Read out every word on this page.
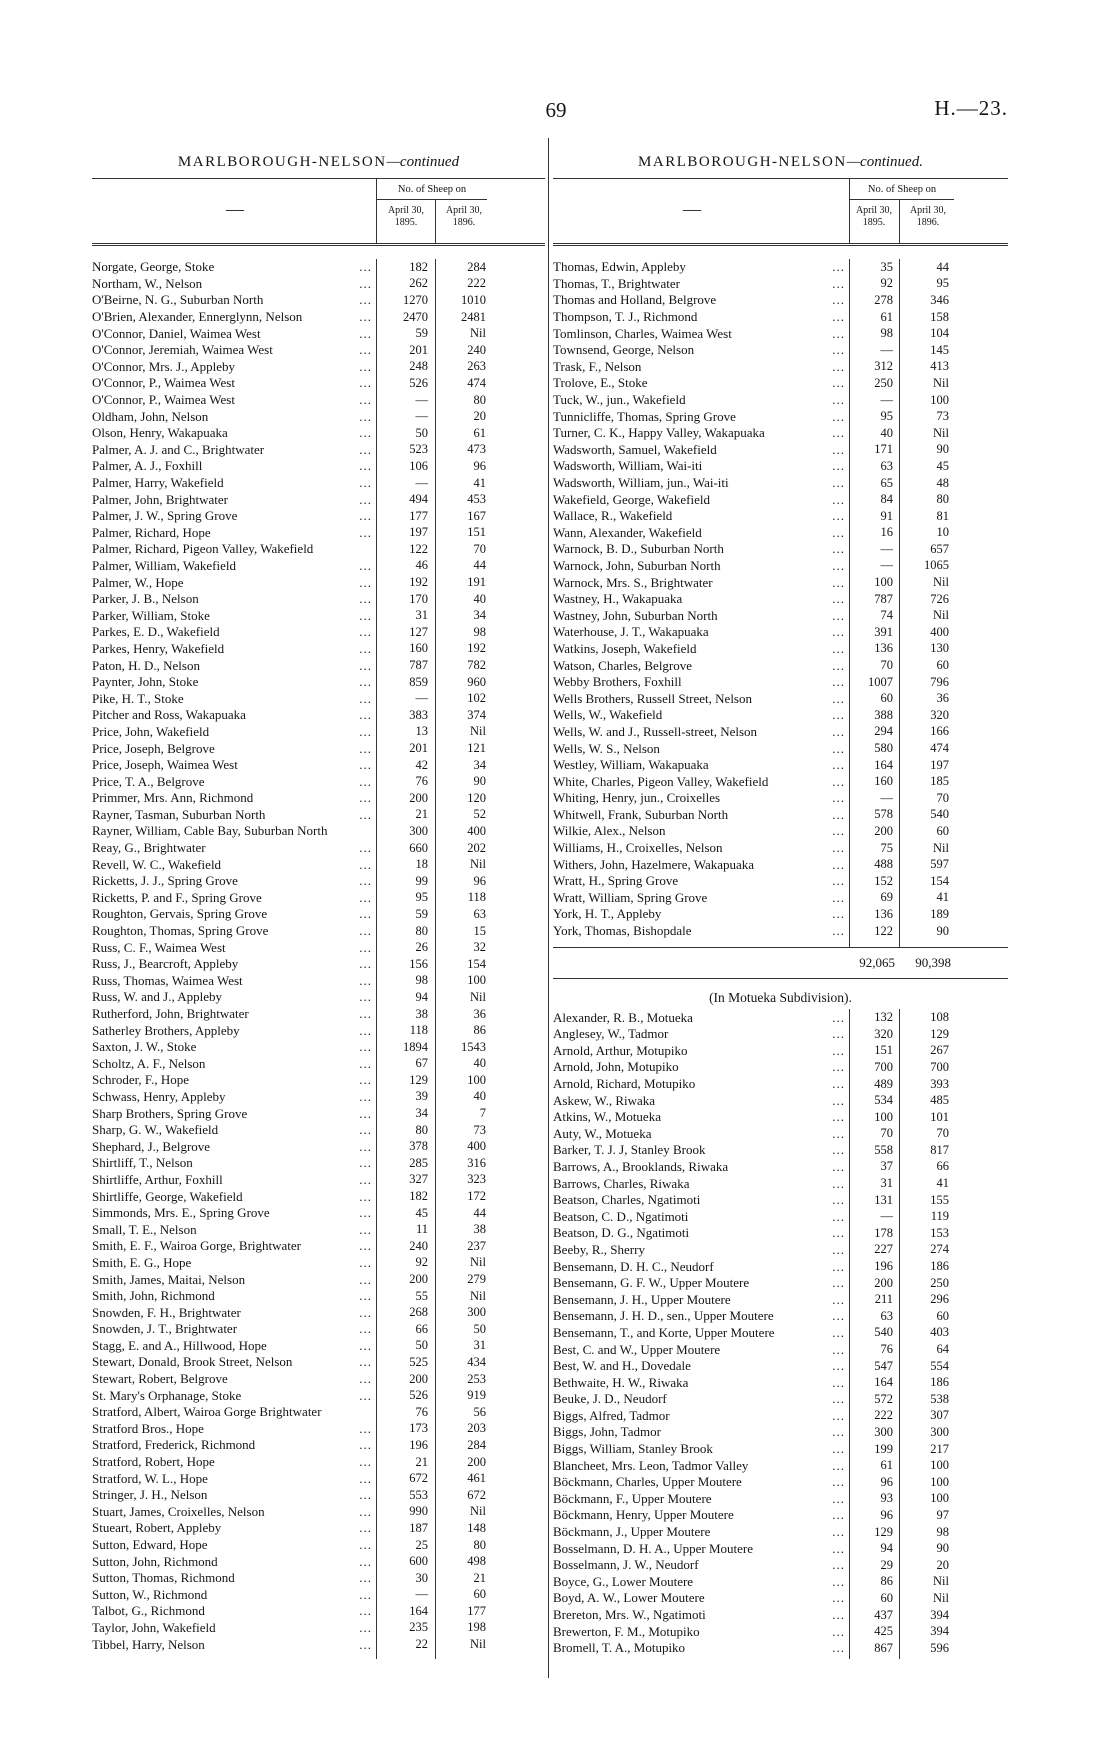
69	H.—23.
MARLBOROUGH-NELSON—continued
—
No. of Sheep on
April 30, 1895.
April 30, 1896.
Norgate, George, Stoke	...	182	284
Northam, W., Nelson	...	262	222
O'Beirne, N. G., Suburban North	...	1270	1010
O'Brien, Alexander, Ennerglynn, Nelson	...	2470	2481
O'Connor, Daniel, Waimea West	...	59	Nil
O'Connor, Jeremiah, Waimea West	...	201	240
O'Connor, Mrs. J., Appleby	...	248	263
O'Connor, P., Waimea West	...	526	474
O'Connor, P., Waimea West	...	—	80
Oldham, John, Nelson	...	—	20
Olson, Henry, Wakapuaka	...	50	61
Palmer, A. J. and C., Brightwater	...	523	473
Palmer, A. J., Foxhill	...	106	96
Palmer, Harry, Wakefield	...	—	41
Palmer, John, Brightwater	...	494	453
Palmer, J. W., Spring Grove	...	177	167
Palmer, Richard, Hope	...	197	151
Palmer, Richard, Pigeon Valley, Wakefield	122	70
Palmer, William, Wakefield	...	46	44
Palmer, W., Hope	...	192	191
Parker, J. B., Nelson	...	170	40
Parker, William, Stoke	...	31	34
Parkes, E. D., Wakefield	...	127	98
Parkes, Henry, Wakefield	...	160	192
Paton, H. D., Nelson	...	787	782
Paynter, John, Stoke	...	859	960
Pike, H. T., Stoke	...	—	102
Pitcher and Ross, Wakapuaka	...	383	374
Price, John, Wakefield	...	13	Nil
Price, Joseph, Belgrove	...	201	121
Price, Joseph, Waimea West	...	42	34
Price, T. A., Belgrove	...	76	90
Primmer, Mrs. Ann, Richmond	...	200	120
Rayner, Tasman, Suburban North	...	21	52
Rayner, William, Cable Bay, Suburban North	300	400
Reay, G., Brightwater	...	660	202
Revell, W. C., Wakefield	...	18	Nil
Ricketts, J. J., Spring Grove	...	99	96
Ricketts, P. and F., Spring Grove	...	95	118
Roughton, Gervais, Spring Grove	...	59	63
Roughton, Thomas, Spring Grove	...	80	15
Russ, C. F., Waimea West	...	26	32
Russ, J., Bearcroft, Appleby	...	156	154
Russ, Thomas, Waimea West	...	98	100
Russ, W. and J., Appleby	...	94	Nil
Rutherford, John, Brightwater	...	38	36
Satherley Brothers, Appleby	...	118	86
Saxton, J. W., Stoke	...	1894	1543
Scholtz, A. F., Nelson	...	67	40
Schroder, F., Hope	...	129	100
Schwass, Henry, Appleby	...	39	40
Sharp Brothers, Spring Grove	...	34	7
Sharp, G. W., Wakefield	...	80	73
Shephard, J., Belgrove	...	378	400
Shirtliff, T., Nelson	...	285	316
Shirtliffe, Arthur, Foxhill	...	327	323
Shirtliffe, George, Wakefield	...	182	172
Simmonds, Mrs. E., Spring Grove	...	45	44
Small, T. E., Nelson	...	11	38
Smith, E. F., Wairoa Gorge, Brightwater	...	240	237
Smith, E. G., Hope	...	92	Nil
Smith, James, Maitai, Nelson	...	200	279
Smith, John, Richmond	...	55	Nil
Snowden, F. H., Brightwater	...	268	300
Snowden, J. T., Brightwater	...	66	50
Stagg, E. and A., Hillwood, Hope	...	50	31
Stewart, Donald, Brook Street, Nelson	...	525	434
Stewart, Robert, Belgrove	...	200	253
St. Mary's Orphanage, Stoke	...	526	919
Stratford, Albert, Wairoa Gorge Brightwater	76	56
Stratford Bros., Hope	...	173	203
Stratford, Frederick, Richmond	...	196	284
Stratford, Robert, Hope	...	21	200
Stratford, W. L., Hope	...	672	461
Stringer, J. H., Nelson	...	553	672
Stuart, James, Croixelles, Nelson	...	990	Nil
Stueart, Robert, Appleby	...	187	148
Sutton, Edward, Hope	...	25	80
Sutton, John, Richmond	...	600	498
Sutton, Thomas, Richmond	...	30	21
Sutton, W., Richmond	...	—	60
Talbot, G., Richmond	...	164	177
Taylor, John, Wakefield	...	235	198
Tibbel, Harry, Nelson	...	22	Nil
MARLBOROUGH-NELSON—continued.
—
No. of Sheep on
April 30, 1895.
April 30, 1896.
Thomas, Edwin, Appleby	...	35	44
Thomas, T., Brightwater	...	92	95
Thomas and Holland, Belgrove	...	278	346
Thompson, T. J., Richmond	...	61	158
Tomlinson, Charles, Waimea West	...	98	104
Townsend, George, Nelson	...	—	145
Trask, F., Nelson	...	312	413
Trolove, E., Stoke	...	250	Nil
Tuck, W., jun., Wakefield	...	—	100
Tunnicliffe, Thomas, Spring Grove	...	95	73
Turner, C. K., Happy Valley, Wakapuaka	...	40	Nil
Wadsworth, Samuel, Wakefield	...	171	90
Wadsworth, William, Wai-iti	...	63	45
Wadsworth, William, jun., Wai-iti	...	65	48
Wakefield, George, Wakefield	...	84	80
Wallace, R., Wakefield	...	91	81
Wann, Alexander, Wakefield	...	16	10
Warnock, B. D., Suburban North	...	—	657
Warnock, John, Suburban North	...	—	1065
Warnock, Mrs. S., Brightwater	...	100	Nil
Wastney, H., Wakapuaka	...	787	726
Wastney, John, Suburban North	...	74	Nil
Waterhouse, J. T., Wakapuaka	...	391	400
Watkins, Joseph, Wakefield	...	136	130
Watson, Charles, Belgrove	...	70	60
Webby Brothers, Foxhill	...	1007	796
Wells Brothers, Russell Street, Nelson	...	60	36
Wells, W., Wakefield	...	388	320
Wells, W. and J., Russell-street, Nelson	...	294	166
Wells, W. S., Nelson	...	580	474
Westley, William, Wakapuaka	...	164	197
White, Charles, Pigeon Valley, Wakefield	...	160	185
Whiting, Henry, jun., Croixelles	...	—	70
Whitwell, Frank, Suburban North	...	578	540
Wilkie, Alex., Nelson	...	200	60
Williams, H., Croixelles, Nelson	...	75	Nil
Withers, John, Hazelmere, Wakapuaka	...	488	597
Wratt, H., Spring Grove	...	152	154
Wratt, William, Spring Grove	...	69	41
York, H. T., Appleby	...	136	189
York, Thomas, Bishopdale	...	122	90
92,065	90,398
(In Motueka Subdivision).
Alexander, R. B., Motueka	...	132	108
Anglesey, W., Tadmor	...	320	129
Arnold, Arthur, Motupiko	...	151	267
Arnold, John, Motupiko	...	700	700
Arnold, Richard, Motupiko	...	489	393
Askew, W., Riwaka	...	534	485
Atkins, W., Motueka	...	100	101
Auty, W., Motueka	...	70	70
Barker, T. J. J, Stanley Brook	...	558	817
Barrows, A., Brooklands, Riwaka	...	37	66
Barrows, Charles, Riwaka	...	31	41
Beatson, Charles, Ngatimoti	...	131	155
Beatson, C. D., Ngatimoti	...	—	119
Beatson, D. G., Ngatimoti	...	178	153
Beeby, R., Sherry	...	227	274
Bensemann, D. H. C., Neudorf	...	196	186
Bensemann, G. F. W., Upper Moutere	...	200	250
Bensemann, J. H., Upper Moutere	...	211	296
Bensemann, J. H. D., sen., Upper Moutere	...	63	60
Bensemann, T., and Korte, Upper Moutere	...	540	403
Best, C. and W., Upper Moutere	...	76	64
Best, W. and H., Dovedale	...	547	554
Bethwaite, H. W., Riwaka	...	164	186
Beuke, J. D., Neudorf	...	572	538
Biggs, Alfred, Tadmor	...	222	307
Biggs, John, Tadmor	...	300	300
Biggs, William, Stanley Brook	...	199	217
Blancheet, Mrs. Leon, Tadmor Valley	...	61	100
Böckmann, Charles, Upper Moutere	...	96	100
Böckmann, F., Upper Moutere	...	93	100
Böckmann, Henry, Upper Moutere	...	96	97
Böckmann, J., Upper Moutere	...	129	98
Bosselmann, D. H. A., Upper Moutere	...	94	90
Bosselmann, J. W., Neudorf	...	29	20
Boyce, G., Lower Moutere	...	86	Nil
Boyd, A. W., Lower Moutere	...	60	Nil
Brereton, Mrs. W., Ngatimoti	...	437	394
Brewerton, F. M., Motupiko	...	425	394
Bromell, T. A., Motupiko	...	867	596
